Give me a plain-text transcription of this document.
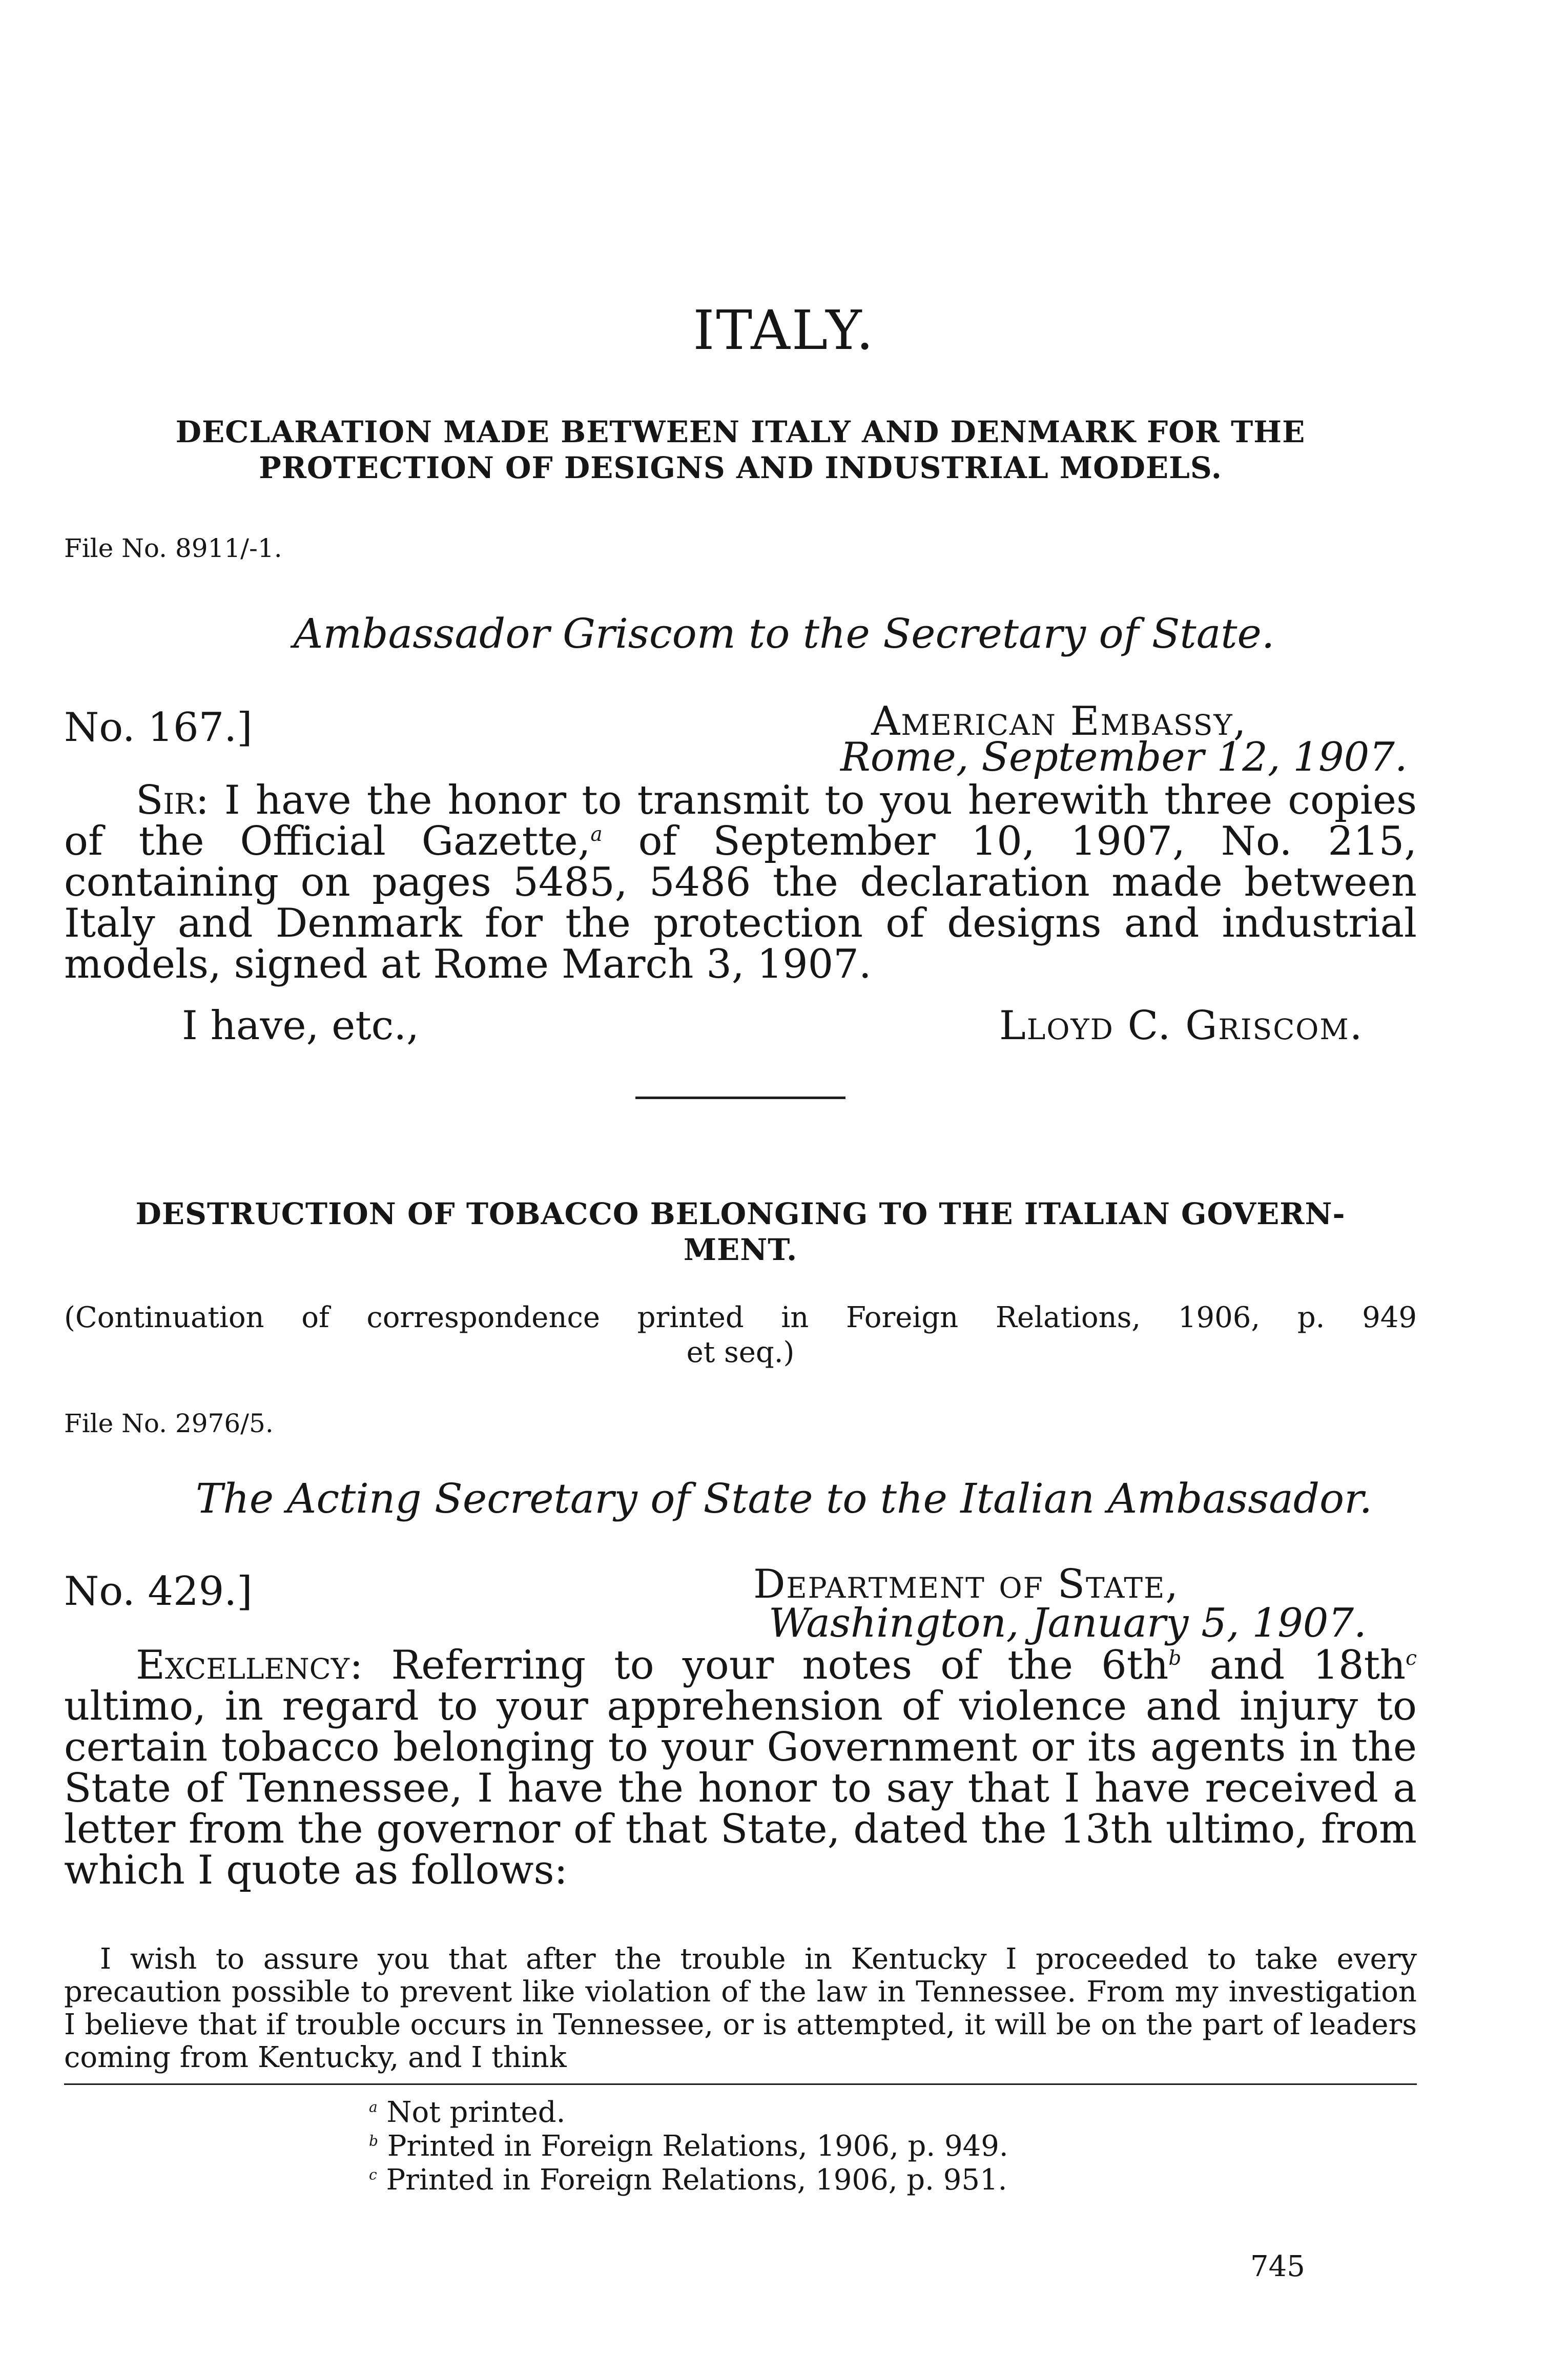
ITALY.
DECLARATION MADE BETWEEN ITALY AND DENMARK FOR THE
PROTECTION OF DESIGNS AND INDUSTRIAL MODELS.
File No. 8911/-1.
Ambassador Griscom to the Secretary of State.
No. 167.]	American Embassy,
Rome, September 12, 1907.
Sir: I have the honor to transmit to you herewith three copies of the Official Gazette,$^a$ of September 10, 1907, No. 215, containing on pages 5485, 5486 the declaration made between Italy and Denmark for the protection of designs and industrial models, signed at Rome March 3, 1907.
I have, etc.,	Lloyd C. Griscom.
DESTRUCTION OF TOBACCO BELONGING TO THE ITALIAN GOVERN-
MENT.
(Continuation of correspondence printed in Foreign Relations, 1906, p. 949
et seq.)
File No. 2976/5.
The Acting Secretary of State to the Italian Ambassador.
No. 429.]	Department of State,
Washington, January 5, 1907.
Excellency: Referring to your notes of the $6th^b$ and $18th^c$ ultimo, in regard to your apprehension of violence and injury to certain tobacco belonging to your Government or its agents in the State of Tennessee, I have the honor to say that I have received a letter from the governor of that State, dated the 13th ultimo, from which I quote as follows:
I wish to assure you that after the trouble in Kentucky I proceeded to take every precaution possible to prevent like violation of the law in Tennessee. From my investigation I believe that if trouble occurs in Tennessee, or is attempted, it will be on the part of leaders coming from Kentucky, and I think
$^a$ Not printed.
$^b$ Printed in Foreign Relations, 1906, p. 949.
$^c$ Printed in Foreign Relations, 1906, p. 951.
745
